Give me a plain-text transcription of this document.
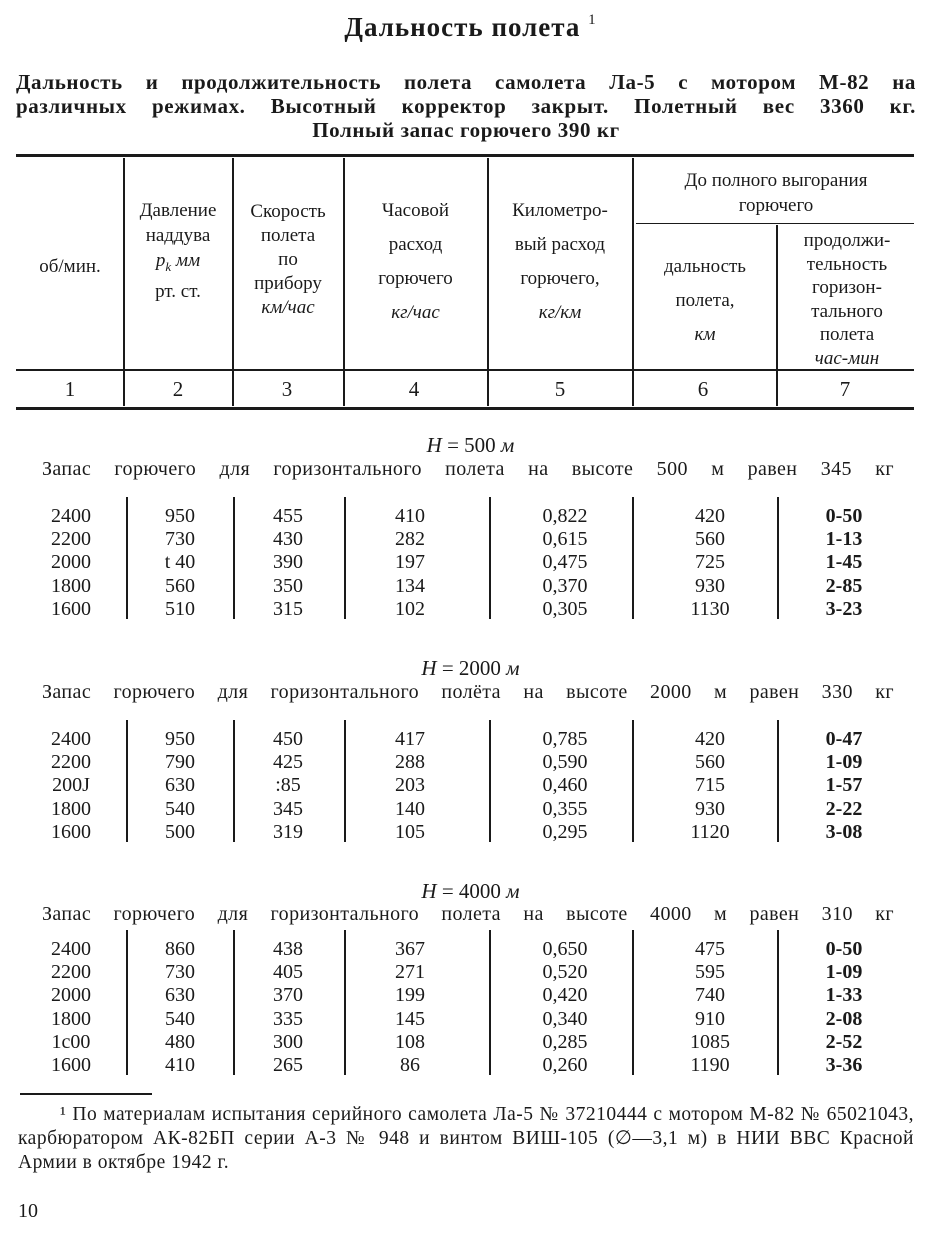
Дальность полета $^1$
Дальность и продолжительность полета самолета Ла-5 с мотором М-82 на
различных режимах. Высотный корректор закрыт. Полетный вес 3360 кг.
Полный запас горючего 390 кг
об/мин.
Давление
наддува
$p_k$ мм
рт. ст.
Скорость
полета
по
прибору
км/час
Часовой
расход
горючего
кг/час
Километро-
вый расход
горючего,
кг/км
До полного выгорания
горючего
дальность
полета,
км
продолжи-
тельность
горизон-
тального
полета
час-мин
1	2	3	4	5	6	7
H = 500 м
Запас горючего для горизонтального полета на высоте 500 м равен 345 кг
2400	950	455	410	0,822	420	0-50
2200	730	430	282	0,615	560	1-13
2000	t 40	390	197	0,475	725	1-45
1800	560	350	134	0,370	930	2-85
1600	510	315	102	0,305	1130	3-23
H = 2000 м
Запас горючего для горизонтального полёта на высоте 2000 м равен 330 кг
2400	950	450	417	0,785	420	0-47
2200	790	425	288	0,590	560	1-09
200Ј	630	:85	203	0,460	715	1-57
1800	540	345	140	0,355	930	2-22
1600	500	319	105	0,295	1120	3-08
H = 4000 м
Запас горючего для горизонтального полета на высоте 4000 м равен 310 кг
2400	860	438	367	0,650	475	0-50
2200	730	405	271	0,520	595	1-09
2000	630	370	199	0,420	740	1-33
1800	540	335	145	0,340	910	2-08
1с00	480	300	108	0,285	1085	2-52
1600	410	265	86	0,260	1190	3-36
¹ По материалам испытания серийного самолета Ла-5 № 37210444 с мотором М-82 № 65021043, карбюратором АК-82БП серии А-3 № 948 и винтом ВИШ-105 (∅—3,1 м) в НИИ ВВС Красной Армии в октябре 1942 г.
10
